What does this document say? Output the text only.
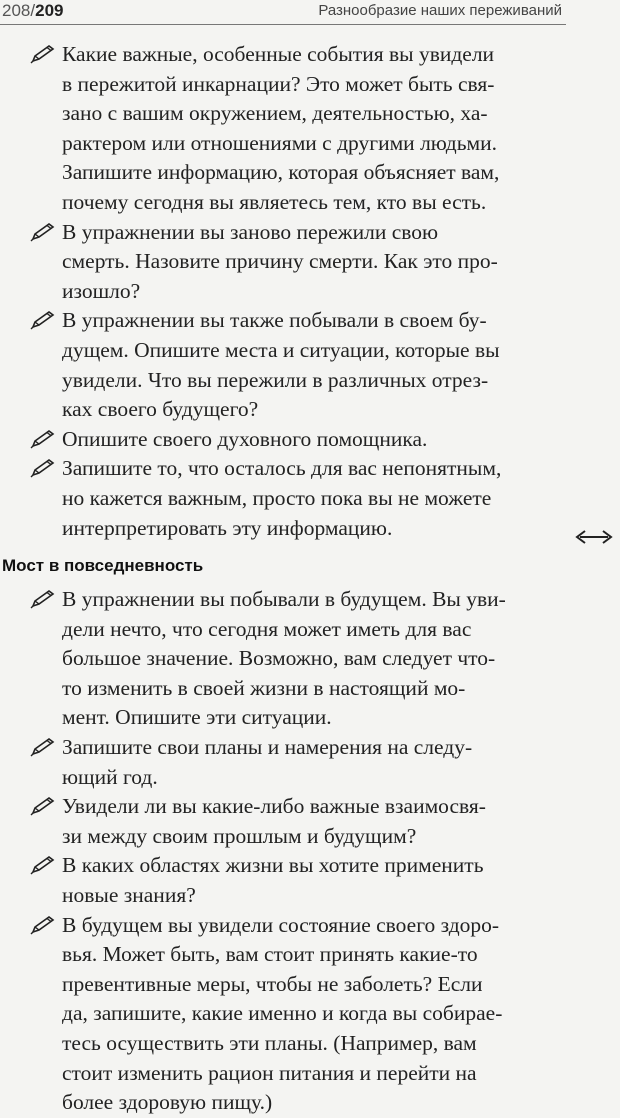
208/209	Разнообразие наших переживаний
Какие важные, особенные события вы увидели
в пережитой инкарнации? Это может быть свя-
зано с вашим окружением, деятельностью, ха-
рактером или отношениями с другими людьми.
Запишите информацию, которая объясняет вам,
почему сегодня вы являетесь тем, кто вы есть.
В упражнении вы заново пережили свою
смерть. Назовите причину смерти. Как это про-
изошло?
В упражнении вы также побывали в своем бу-
дущем. Опишите места и ситуации, которые вы
увидели. Что вы пережили в различных отрез-
ках своего будущего?
Опишите своего духовного помощника.
Запишите то, что осталось для вас непонятным,
но кажется важным, просто пока вы не можете
интерпретировать эту информацию.
Мост в повседневность
В упражнении вы побывали в будущем. Вы уви-
дели нечто, что сегодня может иметь для вас
большое значение. Возможно, вам следует что-
то изменить в своей жизни в настоящий мо-
мент. Опишите эти ситуации.
Запишите свои планы и намерения на следу-
ющий год.
Увидели ли вы какие-либо важные взаимосвя-
зи между своим прошлым и будущим?
В каких областях жизни вы хотите применить
новые знания?
В будущем вы увидели состояние своего здоро-
вья. Может быть, вам стоит принять какие-то
превентивные меры, чтобы не заболеть? Если
да, запишите, какие именно и когда вы собирае-
тесь осуществить эти планы. (Например, вам
стоит изменить рацион питания и перейти на
более здоровую пищу.)
